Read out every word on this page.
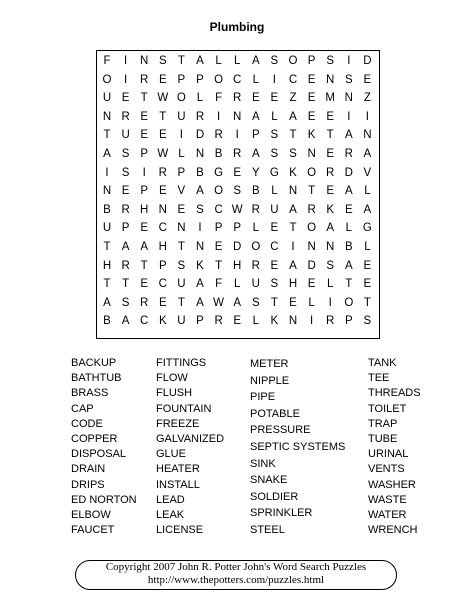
Plumbing
F	I	N S T A	L	L	A S O P S	I	D
O	I	R E P P O C L	I	C E N S E
U E T W O L	F R E E Z E M N Z
N R E T U R	I	N A	L	A E E	I	I
T U E E	I	D R	I	P S T K T A N
A S P W L N B R A S S N E R A
I	S	I	R P B G E Y G K O R D V
N E P E V A O S B	L N T E A	L
B R H N E S C W R U A R K E A
U P E C N	I	P P	L	E T O A	L G
T A A H T N E D O C	I	N N B	L
H R T P S K T H R E A D S A E
T	T E C U A F	L U S H E	L	T E
A S R E T A W A S T E	L	I	O T
B A C K U P R E	L	K N	I	R P S
BACKUP
BATHTUB
BRASS
CAP
CODE
COPPER
DISPOSAL
DRAIN
DRIPS
ED NORTON
ELBOW
FAUCET
FITTINGS
FLOW
FLUSH
FOUNTAIN
FREEZE
GALVANIZED
GLUE
HEATER
INSTALL
LEAD
LEAK
LICENSE
METER
NIPPLE
PIPE
POTABLE
PRESSURE
SEPTIC SYSTEMS
SINK
SNAKE
SOLDIER
SPRINKLER
STEEL
TANK
TEE
THREADS
TOILET
TRAP
TUBE
URINAL
VENTS
WASHER
WASTE
WATER
WRENCH
Copyright 2007 John R. Potter John's Word Search Puzzles
http://www.thepotters.com/puzzles.html
